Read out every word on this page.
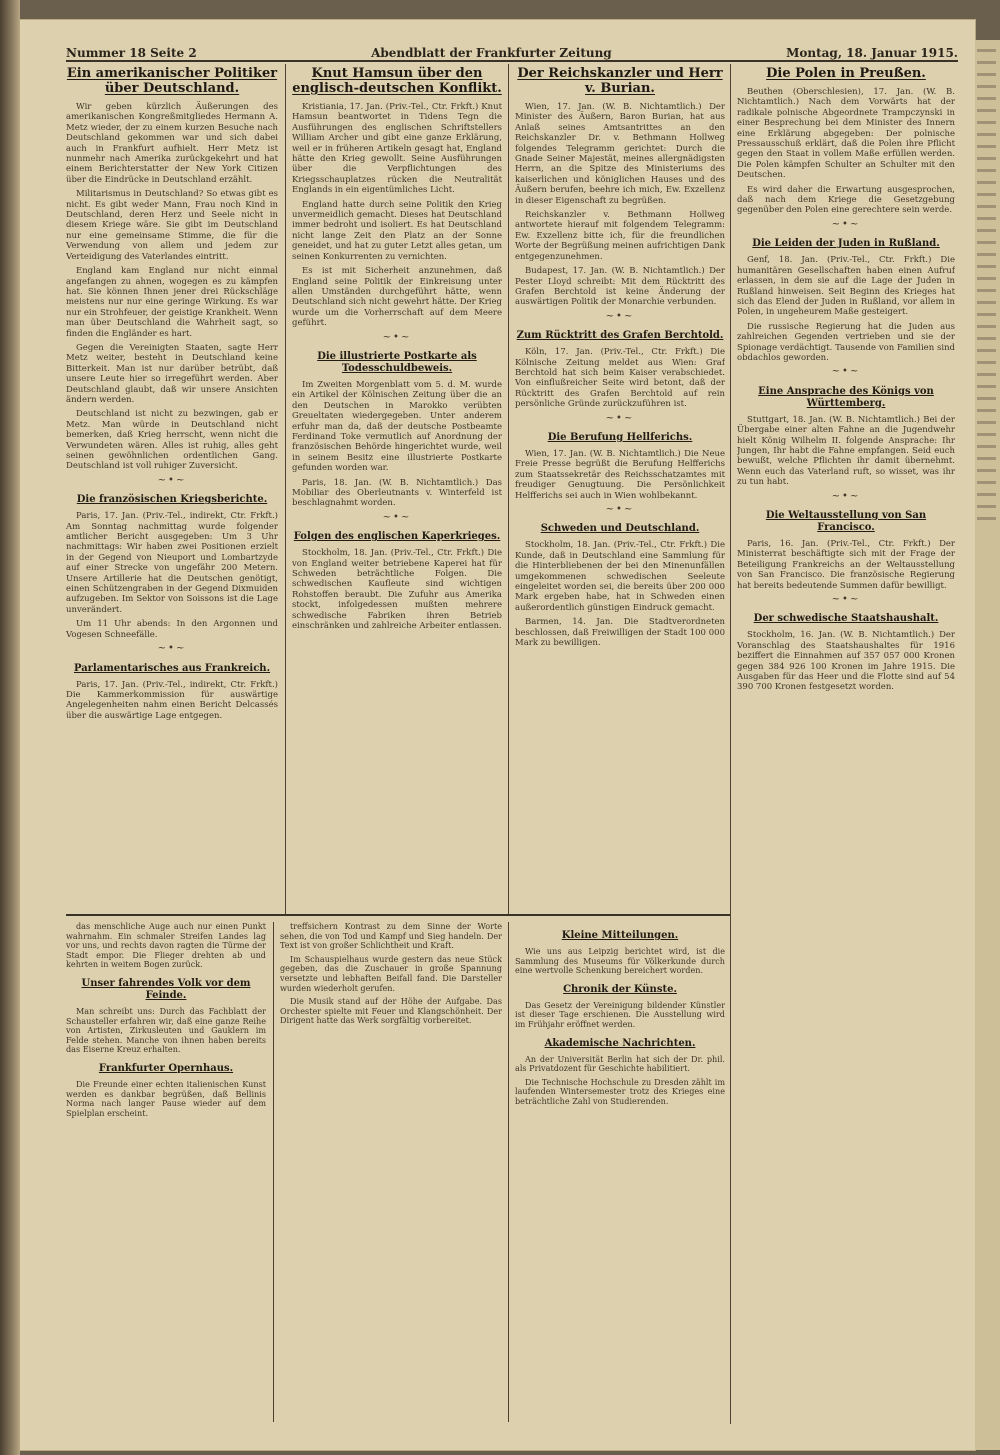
Nummer 18 Seite 2	Abendblatt der Frankfurter Zeitung	Montag, 18. Januar 1915.
Ein amerikanischer Politiker über Deutschland.

Wir geben kürzlich Äußerungen des amerikanischen Kongreßmitgliedes Hermann A. Metz wieder, der zu einem kurzen Besuche nach Deutschland gekommen war und sich dabei auch in Frankfurt aufhielt. Herr Metz ist nunmehr nach Amerika zurückgekehrt und hat einem Berichterstatter der New York Citizen über die Eindrücke in Deutschland erzählt.

Militarismus in Deutschland? So etwas gibt es nicht. Es gibt weder Mann, Frau noch Kind in Deutschland, deren Herz und Seele nicht in diesem Kriege wäre. Sie gibt im Deutschland nur eine gemeinsame Stimme, die für die Verwendung von allem und jedem zur Verteidigung des Vaterlandes eintritt.

England kam England nur nicht einmal angefangen zu ahnen, wogegen es zu kämpfen hat. Sie können Ihnen jener drei Rückschläge meistens nur nur eine geringe Wirkung. Es war nur ein Strohfeuer, der geistige Krankheit. Wenn man über Deutschland die Wahrheit sagt, so finden die Engländer es hart.

Gegen die Vereinigten Staaten, sagte Herr Metz weiter, besteht in Deutschland keine Bitterkeit. Man ist nur darüber betrübt, daß unsere Leute hier so irregeführt werden. Aber Deutschland glaubt, daß wir unsere Ansichten ändern werden.

Deutschland ist nicht zu bezwingen, gab er Metz. Man würde in Deutschland nicht bemerken, daß Krieg herrscht, wenn nicht die Verwundeten wären. Alles ist ruhig, alles geht seinen gewöhnlichen ordentlichen Gang. Deutschland ist voll ruhiger Zuversicht.

~•~
Die französischen Kriegsberichte.

Paris, 17. Jan. (Priv.-Tel., indirekt, Ctr. Frkft.) Am Sonntag nachmittag wurde folgender amtlicher Bericht ausgegeben: Um 3 Uhr nachmittags: Wir haben zwei Positionen erzielt in der Gegend von Nieuport und Lombartzyde auf einer Strecke von ungefähr 200 Metern. Unsere Artillerie hat die Deutschen genötigt, einen Schützengraben in der Gegend Dixmuiden aufzugeben. Im Sektor von Soissons ist die Lage unverändert.

Um 11 Uhr abends: In den Argonnen und Vogesen Schneefälle.

~•~
Parlamentarisches aus Frankreich.

Paris, 17. Jan. (Priv.-Tel., indirekt, Ctr. Frkft.) Die Kammerkommission für auswärtige Angelegenheiten nahm einen Bericht Delcassés über die auswärtige Lage entgegen.

Knut Hamsun über den englisch-deutschen Konflikt.

Kristiania, 17. Jan. (Priv.-Tel., Ctr. Frkft.) Knut Hamsun beantwortet in Tidens Tegn die Ausführungen des englischen Schriftstellers William Archer und gibt eine ganze Erklärung, weil er in früheren Artikeln gesagt hat, England hätte den Krieg gewollt. Seine Ausführungen über die Verpflichtungen des Kriegsschauplatzes rücken die Neutralität Englands in ein eigentümliches Licht.

England hatte durch seine Politik den Krieg unvermeidlich gemacht. Dieses hat Deutschland immer bedroht und isoliert. Es hat Deutschland nicht lange Zeit den Platz an der Sonne geneidet, und hat zu guter Letzt alles getan, um seinen Konkurrenten zu vernichten.

Es ist mit Sicherheit anzunehmen, daß England seine Politik der Einkreisung unter allen Umständen durchgeführt hätte, wenn Deutschland sich nicht gewehrt hätte. Der Krieg wurde um die Vorherrschaft auf dem Meere geführt.

~•~
Die illustrierte Postkarte als Todesschuldbeweis.

Im Zweiten Morgenblatt vom 5. d. M. wurde ein Artikel der Kölnischen Zeitung über die an den Deutschen in Marokko verübten Greueltaten wiedergegeben. Unter anderem erfuhr man da, daß der deutsche Postbeamte Ferdinand Toke vermutlich auf Anordnung der französischen Behörde hingerichtet wurde, weil in seinem Besitz eine illustrierte Postkarte gefunden worden war.

Paris, 18. Jan. (W. B. Nichtamtlich.) Das Mobiliar des Oberleutnants v. Winterfeld ist beschlagnahmt worden.

~•~
Folgen des englischen Kaperkrieges.

Stockholm, 18. Jan. (Priv.-Tel., Ctr. Frkft.) Die von England weiter betriebene Kaperei hat für Schweden beträchtliche Folgen. Die schwedischen Kaufleute sind wichtigen Rohstoffen beraubt. Die Zufuhr aus Amerika stockt, infolgedessen mußten mehrere schwedische Fabriken ihren Betrieb einschränken und zahlreiche Arbeiter entlassen.

Der Reichskanzler und Herr v. Burian.

Wien, 17. Jan. (W. B. Nichtamtlich.) Der Minister des Äußern, Baron Burian, hat aus Anlaß seines Amtsantrittes an den Reichskanzler Dr. v. Bethmann Hollweg folgendes Telegramm gerichtet: Durch die Gnade Seiner Majestät, meines allergnädigsten Herrn, an die Spitze des Ministeriums des kaiserlichen und königlichen Hauses und des Äußern berufen, beehre ich mich, Ew. Exzellenz in dieser Eigenschaft zu begrüßen.

Reichskanzler v. Bethmann Hollweg antwortete hierauf mit folgendem Telegramm: Ew. Exzellenz bitte ich, für die freundlichen Worte der Begrüßung meinen aufrichtigen Dank entgegenzunehmen.

Budapest, 17. Jan. (W. B. Nichtamtlich.) Der Pester Lloyd schreibt: Mit dem Rücktritt des Grafen Berchtold ist keine Änderung der auswärtigen Politik der Monarchie verbunden.

~•~
Zum Rücktritt des Grafen Berchtold.

Köln, 17. Jan. (Priv.-Tel., Ctr. Frkft.) Die Kölnische Zeitung meldet aus Wien: Graf Berchtold hat sich beim Kaiser verabschiedet. Von einflußreicher Seite wird betont, daß der Rücktritt des Grafen Berchtold auf rein persönliche Gründe zurückzuführen ist.

~•~
Die Berufung Hellferichs.

Wien, 17. Jan. (W. B. Nichtamtlich.) Die Neue Freie Presse begrüßt die Berufung Helfferichs zum Staatssekretär des Reichsschatzamtes mit freudiger Genugtuung. Die Persönlichkeit Helfferichs sei auch in Wien wohlbekannt.

~•~
Schweden und Deutschland.

Stockholm, 18. Jan. (Priv.-Tel., Ctr. Frkft.) Die Kunde, daß in Deutschland eine Sammlung für die Hinterbliebenen der bei den Minenunfällen umgekommenen schwedischen Seeleute eingeleitet worden sei, die bereits über 200 000 Mark ergeben habe, hat in Schweden einen außerordentlich günstigen Eindruck gemacht.

Barmen, 14. Jan. Die Stadtverordneten beschlossen, daß Freiwilligen der Stadt 100 000 Mark zu bewilligen.

Die Polen in Preußen.

Beuthen (Oberschlesien), 17. Jan. (W. B. Nichtamtlich.) Nach dem Vorwärts hat der radikale polnische Abgeordnete Trampczynski in einer Besprechung bei dem Minister des Innern eine Erklärung abgegeben: Der polnische Pressausschuß erklärt, daß die Polen ihre Pflicht gegen den Staat in vollem Maße erfüllen werden. Die Polen kämpfen Schulter an Schulter mit den Deutschen.

Es wird daher die Erwartung ausgesprochen, daß nach dem Kriege die Gesetzgebung gegenüber den Polen eine gerechtere sein werde.

~•~
Die Leiden der Juden in Rußland.

Genf, 18. Jan. (Priv.-Tel., Ctr. Frkft.) Die humanitären Gesellschaften haben einen Aufruf erlassen, in dem sie auf die Lage der Juden in Rußland hinweisen. Seit Beginn des Krieges hat sich das Elend der Juden in Rußland, vor allem in Polen, in ungeheurem Maße gesteigert.

Die russische Regierung hat die Juden aus zahlreichen Gegenden vertrieben und sie der Spionage verdächtigt. Tausende von Familien sind obdachlos geworden.

~•~
Eine Ansprache des Königs von Württemberg.

Stuttgart, 18. Jan. (W. B. Nichtamtlich.) Bei der Übergabe einer alten Fahne an die Jugendwehr hielt König Wilhelm II. folgende Ansprache: Ihr Jungen, Ihr habt die Fahne empfangen. Seid euch bewußt, welche Pflichten ihr damit übernehmt. Wenn euch das Vaterland ruft, so wisset, was ihr zu tun habt.

~•~
Die Weltausstellung von San Francisco.

Paris, 16. Jan. (Priv.-Tel., Ctr. Frkft.) Der Ministerrat beschäftigte sich mit der Frage der Beteiligung Frankreichs an der Weltausstellung von San Francisco. Die französische Regierung hat bereits bedeutende Summen dafür bewilligt.

~•~
Der schwedische Staatshaushalt.

Stockholm, 16. Jan. (W. B. Nichtamtlich.) Der Voranschlag des Staatshaushaltes für 1916 beziffert die Einnahmen auf 357 057 000 Kronen gegen 384 926 100 Kronen im Jahre 1915. Die Ausgaben für das Heer und die Flotte sind auf 54 390 700 Kronen festgesetzt worden.

das menschliche Auge auch nur einen Punkt wahrnahm. Ein schmaler Streifen Landes lag vor uns, und rechts davon ragten die Türme der Stadt empor. Die Flieger drehten ab und kehrten in weitem Bogen zurück.

Unser fahrendes Volk vor dem Feinde.

Man schreibt uns: Durch das Fachblatt der Schausteller erfahren wir, daß eine ganze Reihe von Artisten, Zirkusleuten und Gauklern im Felde stehen. Manche von ihnen haben bereits das Eiserne Kreuz erhalten.

Frankfurter Opernhaus.

Die Freunde einer echten italienischen Kunst werden es dankbar begrüßen, daß Bellinis Norma nach langer Pause wieder auf dem Spielplan erscheint.

treffsichern Kontrast zu dem Sinne der Worte sehen, die von Tod und Kampf und Sieg handeln. Der Text ist von großer Schlichtheit und Kraft.

Im Schauspielhaus wurde gestern das neue Stück gegeben, das die Zuschauer in große Spannung versetzte und lebhaften Beifall fand. Die Darsteller wurden wiederholt gerufen.

Die Musik stand auf der Höhe der Aufgabe. Das Orchester spielte mit Feuer und Klangschönheit. Der Dirigent hatte das Werk sorgfältig vorbereitet.

Kleine Mitteilungen.

Wie uns aus Leipzig berichtet wird, ist die Sammlung des Museums für Völkerkunde durch eine wertvolle Schenkung bereichert worden.

Chronik der Künste.

Das Gesetz der Vereinigung bildender Künstler ist dieser Tage erschienen. Die Ausstellung wird im Frühjahr eröffnet werden.

Akademische Nachrichten.

An der Universität Berlin hat sich der Dr. phil. als Privatdozent für Geschichte habilitiert.

Die Technische Hochschule zu Dresden zählt im laufenden Wintersemester trotz des Krieges eine beträchtliche Zahl von Studierenden.
